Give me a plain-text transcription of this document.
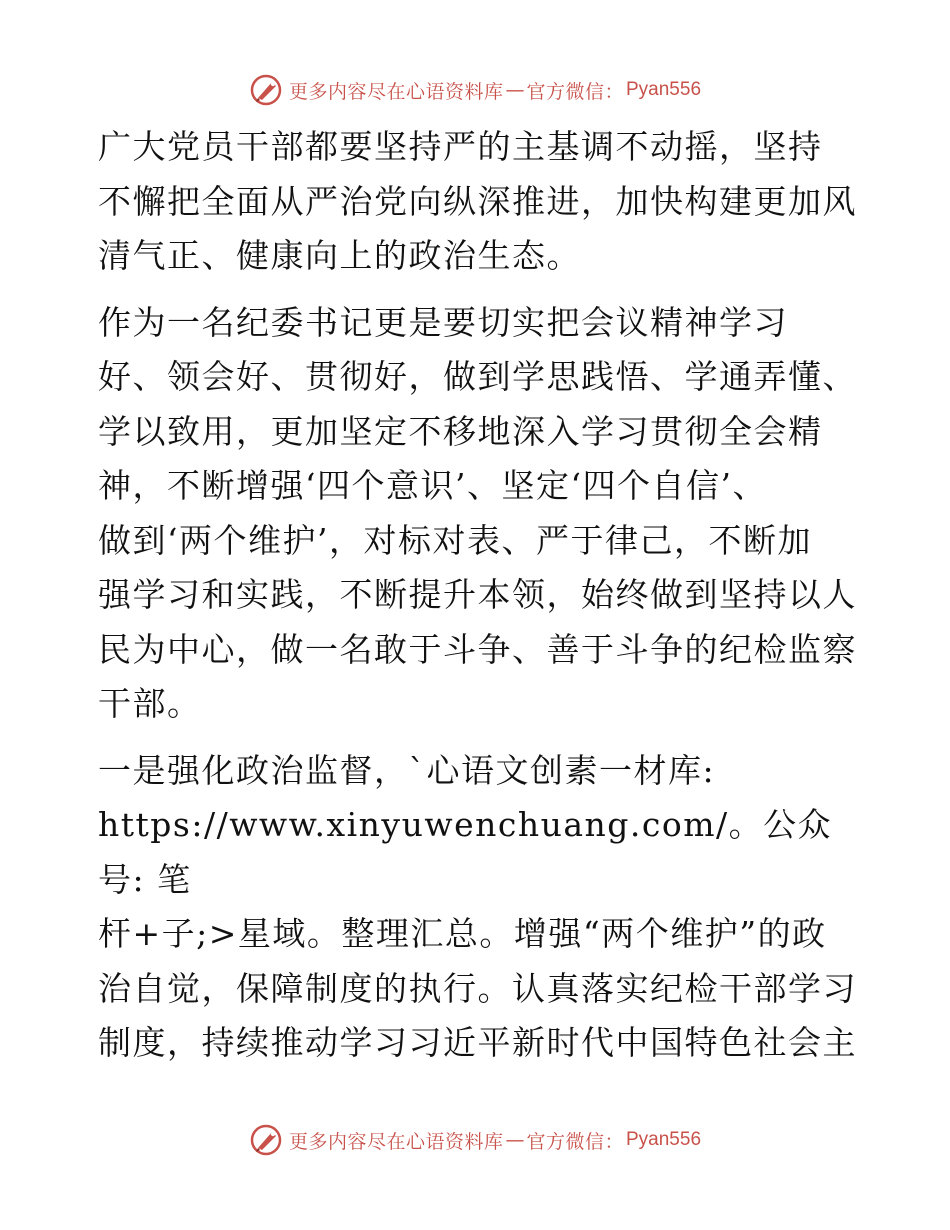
更多内容尽在心语资料库 — 官方微信： Pyan556

广大党员干部都要坚持严的主基调不动摇，坚持
不懈把全面从严治党向纵深推进，加快构建更加风
清气正、健康向上的政治生态。

作为一名纪委书记更是要切实把会议精神学习
好、领会好、贯彻好，做到学思践悟、学通弄懂、
学以致用，更加坚定不移地深入学习贯彻全会精
神，不断增强‘四个意识’、坚定‘四个自信’、
做到‘两个维护’，对标对表、严于律己，不断加
强学习和实践，不断提升本领，始终做到坚持以人
民为中心，做一名敢于斗争、善于斗争的纪检监察
干部。

一是强化政治监督，`心语文创素一材库:
https://www.xinyuwenchuang.com/。公众号: 笔
杆+子;>星域。整理汇总。增强“两个维护”的政
治自觉，保障制度的执行。认真落实纪检干部学习
制度，持续推动学习习近平新时代中国特色社会主

更多内容尽在心语资料库 — 官方微信： Pyan556
